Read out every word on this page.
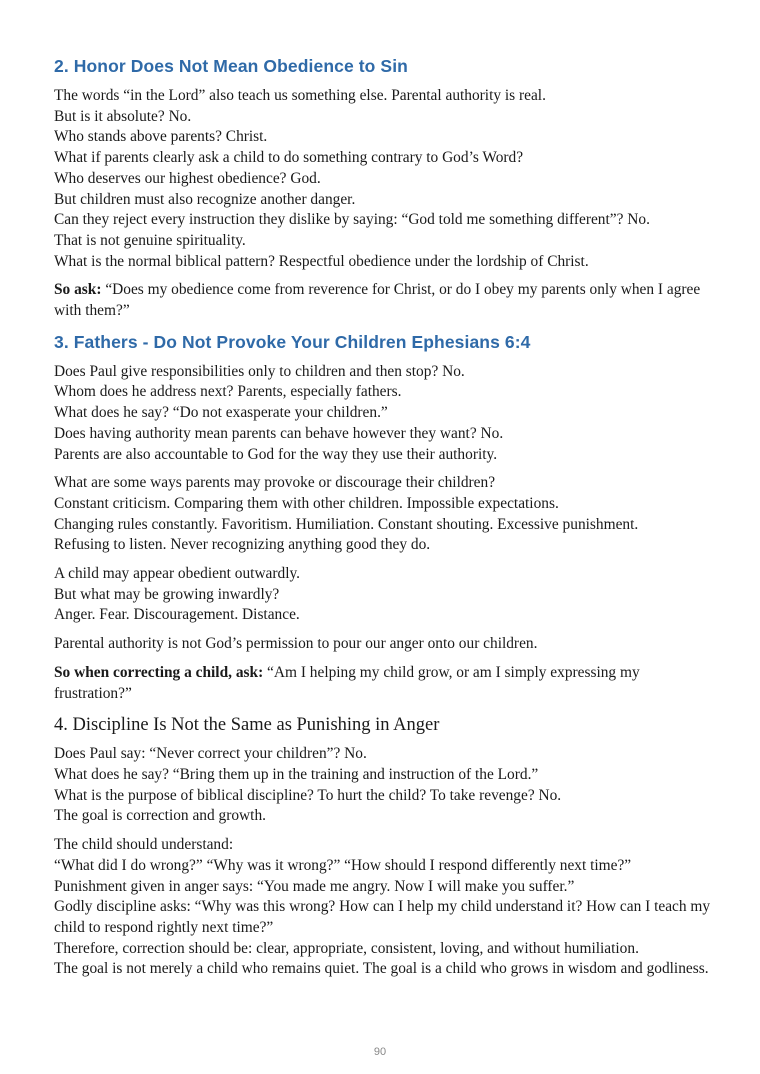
2. Honor Does Not Mean Obedience to Sin

The words “in the Lord” also teach us something else. Parental authority is real.
But is it absolute? No.
Who stands above parents? Christ.
What if parents clearly ask a child to do something contrary to God’s Word?
Who deserves our highest obedience? God.
But children must also recognize another danger.
Can they reject every instruction they dislike by saying: “God told me something different”? No.
That is not genuine spirituality.
What is the normal biblical pattern? Respectful obedience under the lordship of Christ.

So ask: “Does my obedience come from reverence for Christ, or do I obey my parents only when I agree with them?”

3. Fathers - Do Not Provoke Your Children Ephesians 6:4

Does Paul give responsibilities only to children and then stop? No.
Whom does he address next? Parents, especially fathers.
What does he say? “Do not exasperate your children.”
Does having authority mean parents can behave however they want? No.
Parents are also accountable to God for the way they use their authority.

What are some ways parents may provoke or discourage their children?
Constant criticism. Comparing them with other children. Impossible expectations.
Changing rules constantly. Favoritism. Humiliation. Constant shouting. Excessive punishment.
Refusing to listen. Never recognizing anything good they do.

A child may appear obedient outwardly.
But what may be growing inwardly?
Anger. Fear. Discouragement. Distance.

Parental authority is not God’s permission to pour our anger onto our children.

So when correcting a child, ask: “Am I helping my child grow, or am I simply expressing my frustration?”

4. Discipline Is Not the Same as Punishing in Anger

Does Paul say: “Never correct your children”? No.
What does he say? “Bring them up in the training and instruction of the Lord.”
What is the purpose of biblical discipline? To hurt the child? To take revenge? No.
The goal is correction and growth.

The child should understand:
“What did I do wrong?” “Why was it wrong?” “How should I respond differently next time?”
Punishment given in anger says: “You made me angry. Now I will make you suffer.”
Godly discipline asks: “Why was this wrong? How can I help my child understand it? How can I teach my child to respond rightly next time?”
Therefore, correction should be: clear, appropriate, consistent, loving, and without humiliation.
The goal is not merely a child who remains quiet. The goal is a child who grows in wisdom and godliness.

90
